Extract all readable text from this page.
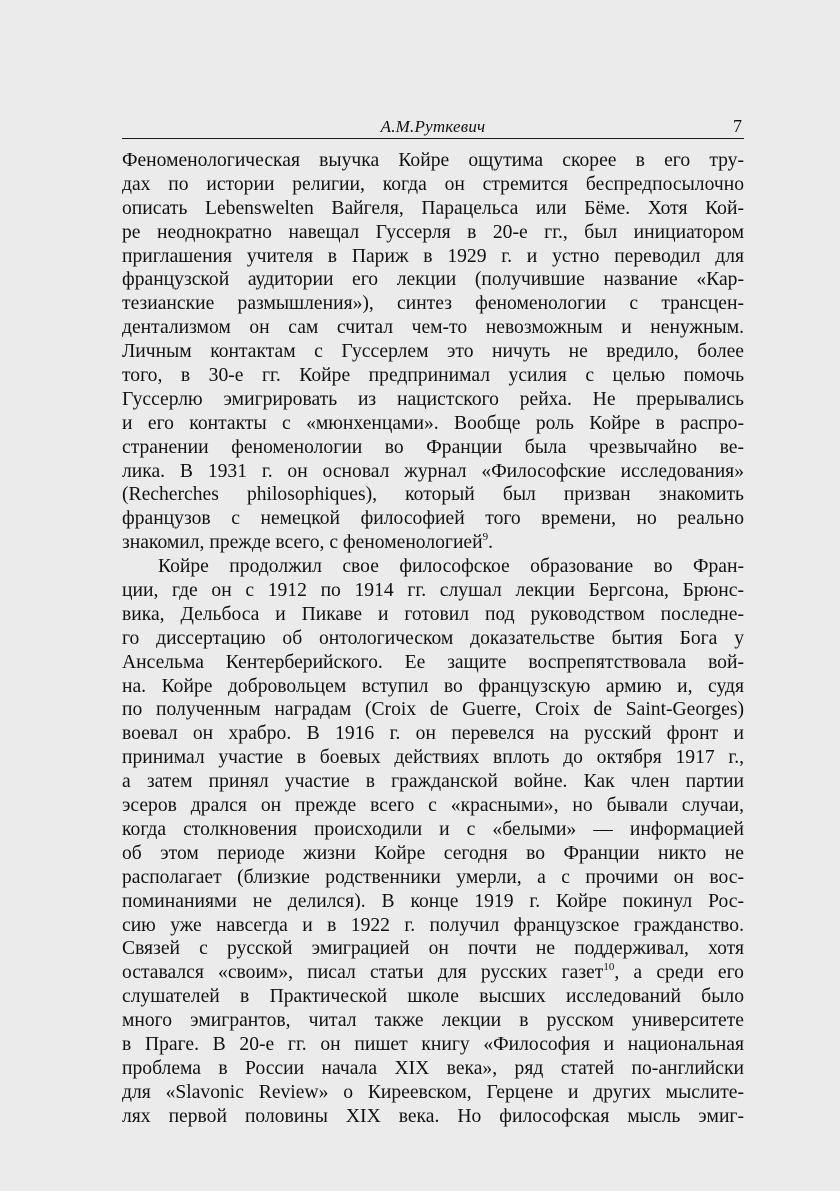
А.М.Руткевич	7
Феноменологическая выучка Койре ощутима скорее в его тру-
дах по истории религии, когда он стремится беспредпосылочно
описать Lebenswelten Вайгеля, Парацельса или Бёме. Хотя Кой-
ре неоднократно навещал Гуссерля в 20-е гг., был инициатором
приглашения учителя в Париж в 1929 г. и устно переводил для
французской аудитории его лекции (получившие название «Кар-
тезианские размышления»), синтез феноменологии с трансцен-
дентализмом он сам считал чем-то невозможным и ненужным.
Личным контактам с Гуссерлем это ничуть не вредило, более
того, в 30-е гг. Койре предпринимал усилия с целью помочь
Гуссерлю эмигрировать из нацистского рейха. Не прерывались
и его контакты с «мюнхенцами». Вообще роль Койре в распро-
странении феноменологии во Франции была чрезвычайно ве-
лика. В 1931 г. он основал журнал «Философские исследования»
(Recherches philosophiques), который был призван знакомить
французов с немецкой философией того времени, но реально
знакомил, прежде всего, с феноменологией$^9$.
Койре продолжил свое философское образование во Фран-
ции, где он с 1912 по 1914 гг. слушал лекции Бергсона, Брюнс-
вика, Дельбоса и Пикаве и готовил под руководством последне-
го диссертацию об онтологическом доказательстве бытия Бога у
Ансельма Кентерберийского. Ее защите воспрепятствовала вой-
на. Койре добровольцем вступил во французскую армию и, судя
по полученным наградам (Croix de Guerre, Croix de Saint-Georges)
воевал он храбро. В 1916 г. он перевелся на русский фронт и
принимал участие в боевых действиях вплоть до октября 1917 г.,
а затем принял участие в гражданской войне. Как член партии
эсеров дрался он прежде всего с «красными», но бывали случаи,
когда столкновения происходили и с «белыми» — информацией
об этом периоде жизни Койре сегодня во Франции никто не
располагает (близкие родственники умерли, а с прочими он вос-
поминаниями не делился). В конце 1919 г. Койре покинул Рос-
сию уже навсегда и в 1922 г. получил французское гражданство.
Связей с русской эмиграцией он почти не поддерживал, хотя
оставался «своим», писал статьи для русских газет$^{10}$, а среди его
слушателей в Практической школе высших исследований было
много эмигрантов, читал также лекции в русском университете
в Праге. В 20-е гг. он пишет книгу «Философия и национальная
проблема в России начала XIX века», ряд статей по-английски
для «Slavonic Review» о Киреевском, Герцене и других мыслите-
лях первой половины XIX века. Но философская мысль эмиг-
